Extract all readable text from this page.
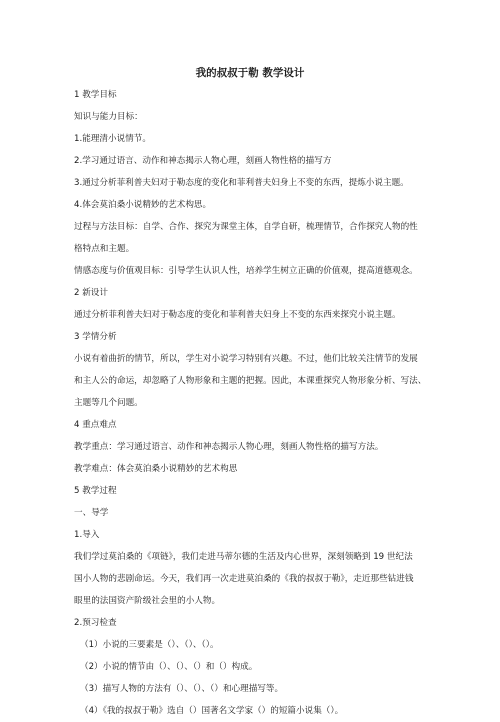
我的叔叔于勒 教学设计

1 教学目标

知识与能力目标：

1.能理清小说情节。

2.学习通过语言、动作和神态揭示人物心理，刻画人物性格的描写方

3.通过分析菲利普夫妇对于勒态度的变化和菲利普夫妇身上不变的东西，提炼小说主题。

4.体会莫泊桑小说精妙的艺术构思。

过程与方法目标：自学、合作、探究为课堂主体，自学自研，梳理情节，合作探究人物的性

格特点和主题。

情感态度与价值观目标：引导学生认识人性，培养学生树立正确的价值观，提高道德观念。

2 新设计

通过分析菲利普夫妇对于勒态度的变化和菲利普夫妇身上不变的东西来探究小说主题。

3 学情分析

小说有着曲折的情节，所以，学生对小说学习特别有兴趣。不过，他们比较关注情节的发展

和主人公的命运，却忽略了人物形象和主题的把握。因此，本课重探究人物形象分析、写法、

主题等几个问题。

4 重点难点

教学重点：学习通过语言、动作和神态揭示人物心理，刻画人物性格的描写方法。

教学难点：体会莫泊桑小说精妙的艺术构思

5 教学过程

一、导学

1.导入

我们学过莫泊桑的《项链》，我们走进马蒂尔德的生活及内心世界，深刻领略到 19 世纪法

国小人物的悲剧命运。今天，我们再一次走进莫泊桑的《我的叔叔于勒》，走近那些钻进钱

眼里的法国资产阶级社会里的小人物。

2.预习检查

（1）小说的三要素是（）、（）、（）。

（2）小说的情节由（）、（）、（）和（）构成。

（3）描写人物的方法有（）、（）、（）和心理描写等。

（4）《我的叔叔于勒》选自（）国著名文学家（）的短篇小说集（）。
